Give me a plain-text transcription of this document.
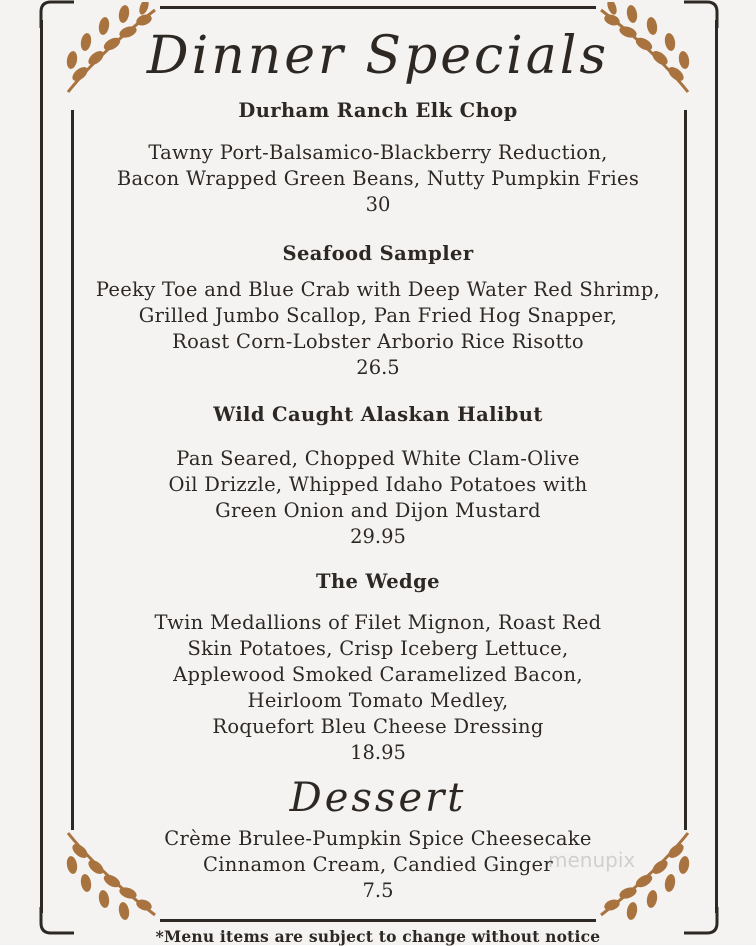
Dinner Specials
Durham Ranch Elk Chop
Tawny Port-Balsamico-Blackberry Reduction,
Bacon Wrapped Green Beans, Nutty Pumpkin Fries
30
Seafood Sampler
Peeky Toe and Blue Crab with Deep Water Red Shrimp,
Grilled Jumbo Scallop, Pan Fried Hog Snapper,
Roast Corn-Lobster Arborio Rice Risotto
26.5
Wild Caught Alaskan Halibut
Pan Seared, Chopped White Clam-Olive
Oil Drizzle, Whipped Idaho Potatoes with
Green Onion and Dijon Mustard
29.95
The Wedge
Twin Medallions of Filet Mignon, Roast Red
Skin Potatoes, Crisp Iceberg Lettuce,
Applewood Smoked Caramelized Bacon,
Heirloom Tomato Medley,
Roquefort Bleu Cheese Dressing
18.95
Dessert
Crème Brulee-Pumpkin Spice Cheesecake
Cinnamon Cream, Candied Ginger
7.5
menupix
*Menu items are subject to change without notice
